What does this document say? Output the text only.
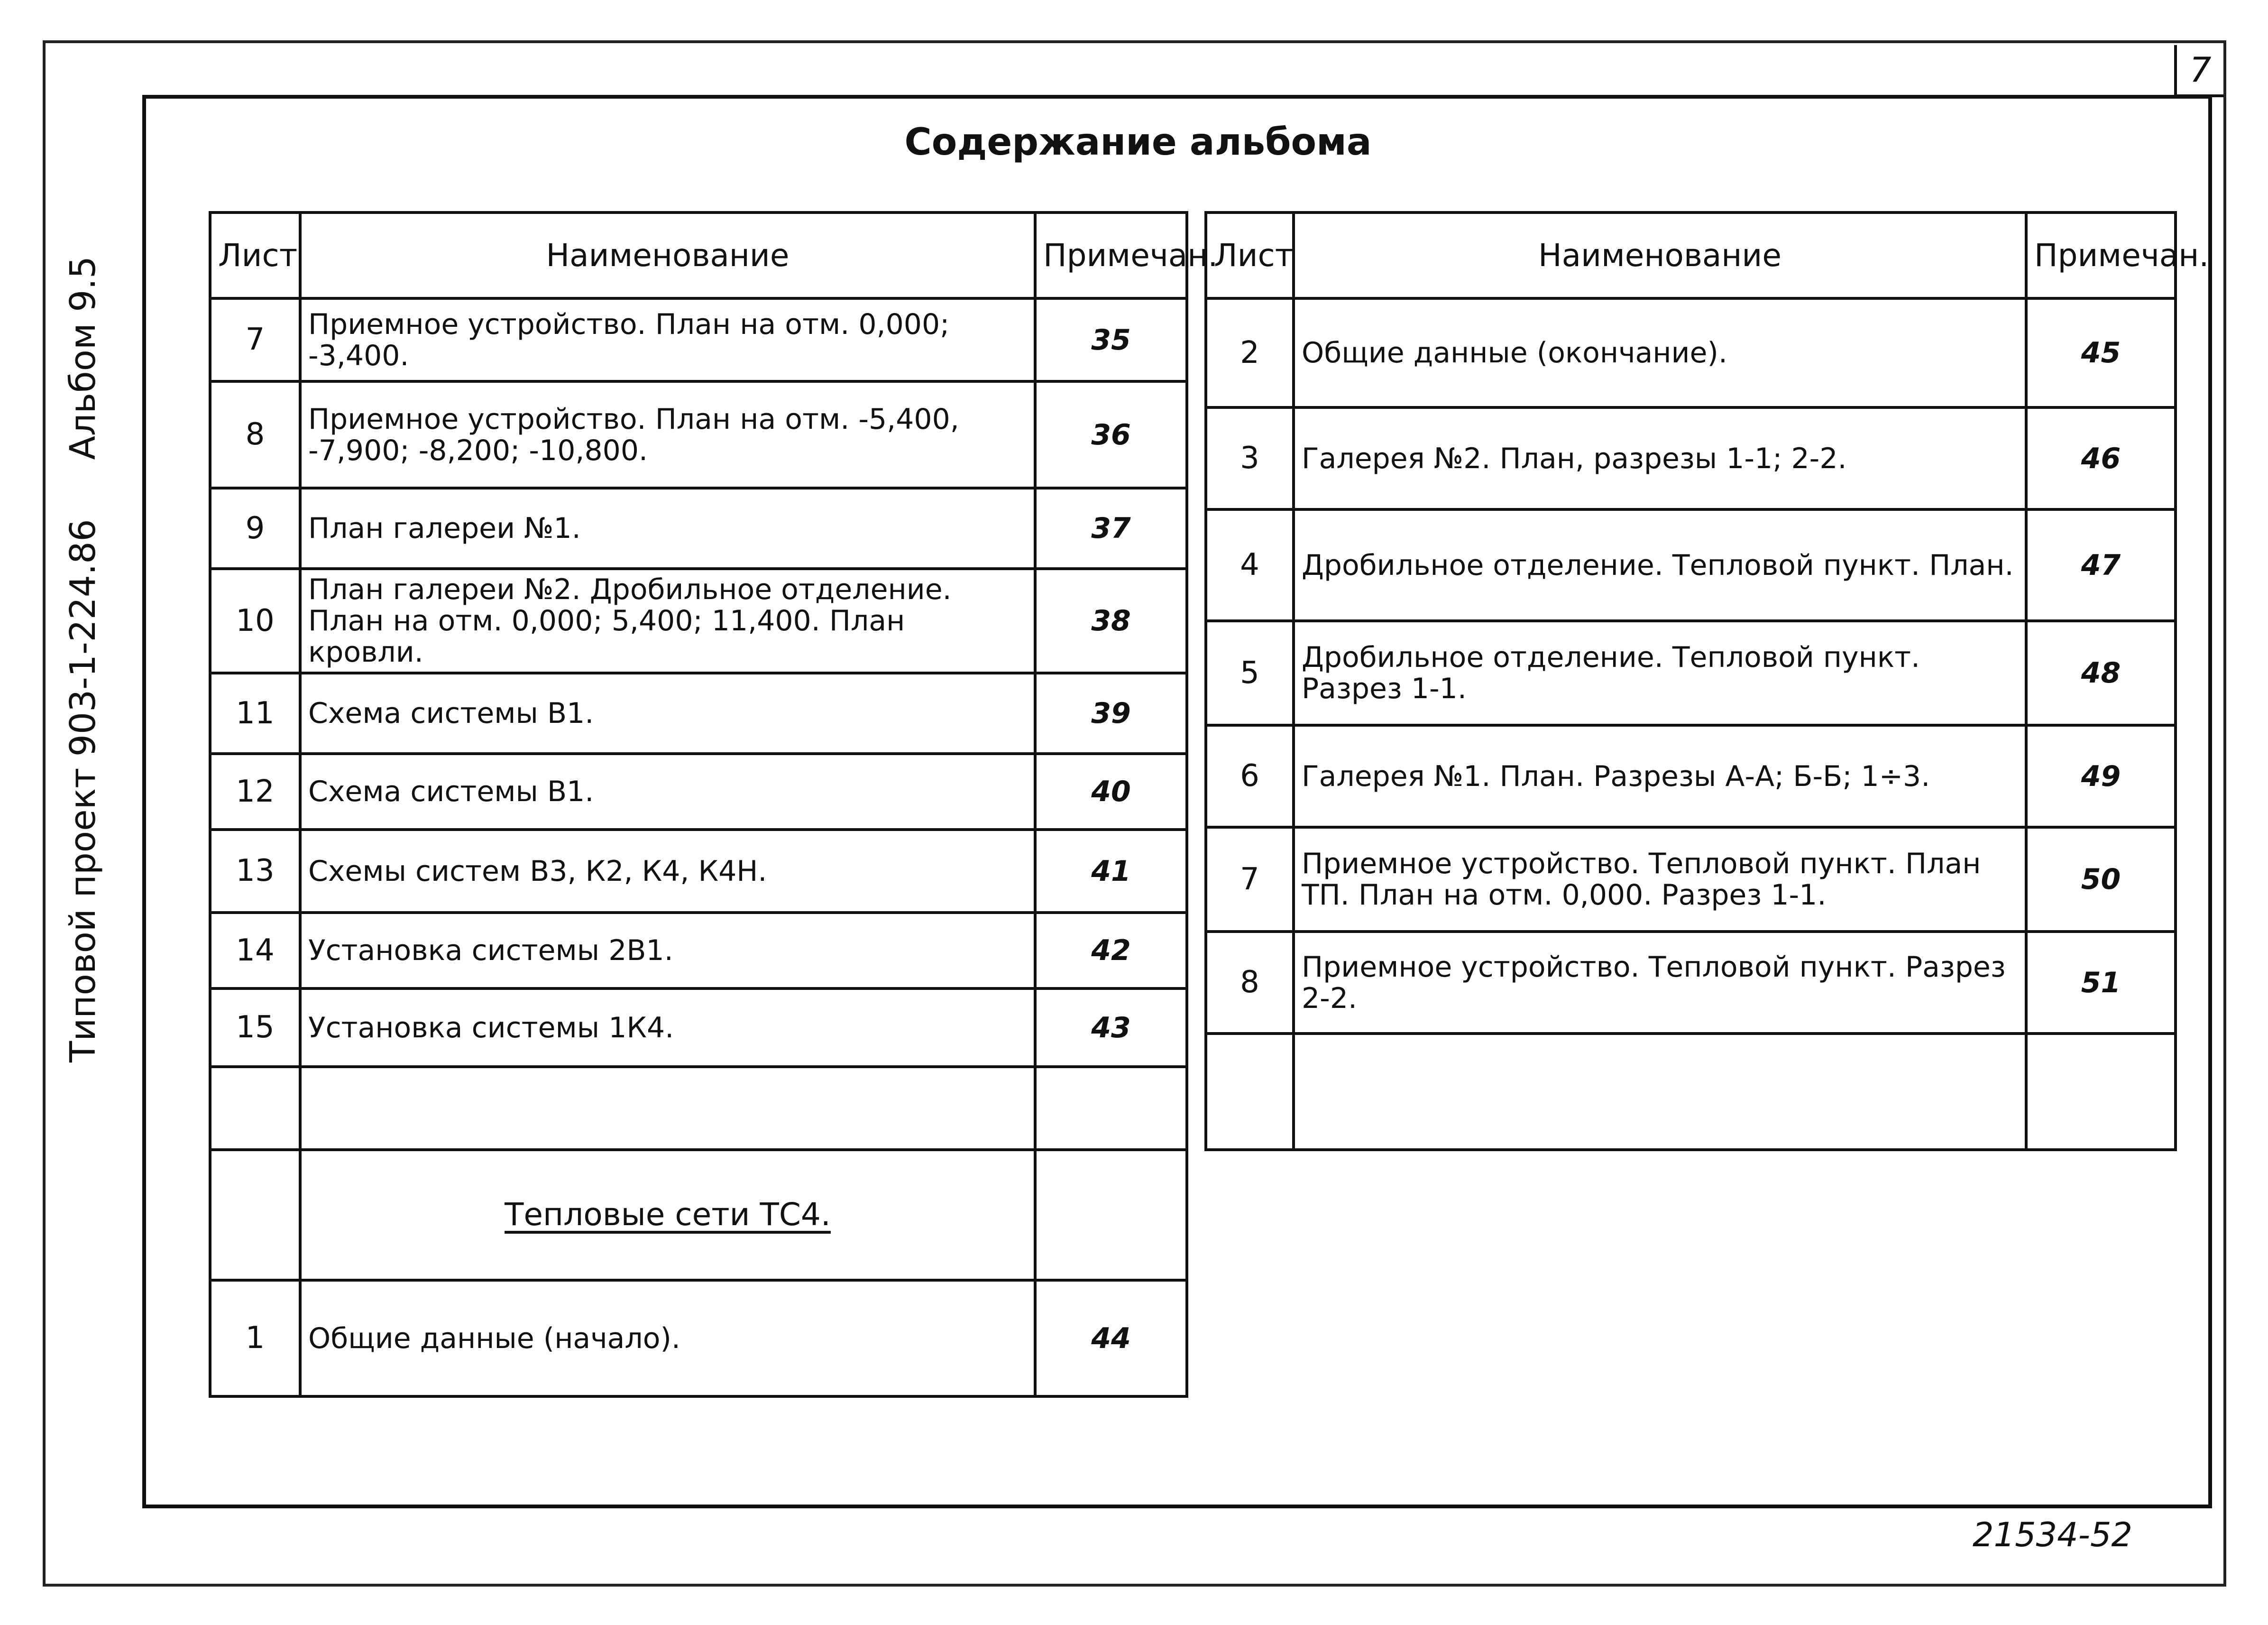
7
Типовой проект 903-1-224.86
Альбом 9.5
Содержание альбома
Лист	Наименование	Примечан.
7	Приемное устройство. План на отм. 0,000; -3,400.	35
8	Приемное устройство. План на отм. -5,400, -7,900; -8,200; -10,800.	36
9	План галереи №1.	37
10	План галереи №2. Дробильное отделение. План на отм. 0,000; 5,400; 11,400. План кровли.	38
11	Схема системы В1.	39
12	Схема системы В1.	40
13	Схемы систем В3, К2, К4, К4Н.	41
14	Установка системы 2В1.	42
15	Установка системы 1К4.	43

	Тепловые сети ТС4.	
1	Общие данные (начало).	44
Лист	Наименование	Примечан.
2	Общие данные (окончание).	45
3	Галерея №2. План, разрезы 1-1; 2-2.	46
4	Дробильное отделение. Тепловой пункт. План.	47
5	Дробильное отделение. Тепловой пункт. Разрез 1-1.	48
6	Галерея №1. План. Разрезы А-А; Б-Б; 1÷3.	49
7	Приемное устройство. Тепловой пункт. План ТП. План на отм. 0,000. Разрез 1-1.	50
8	Приемное устройство. Тепловой пункт. Разрез 2-2.	51

21534-52
